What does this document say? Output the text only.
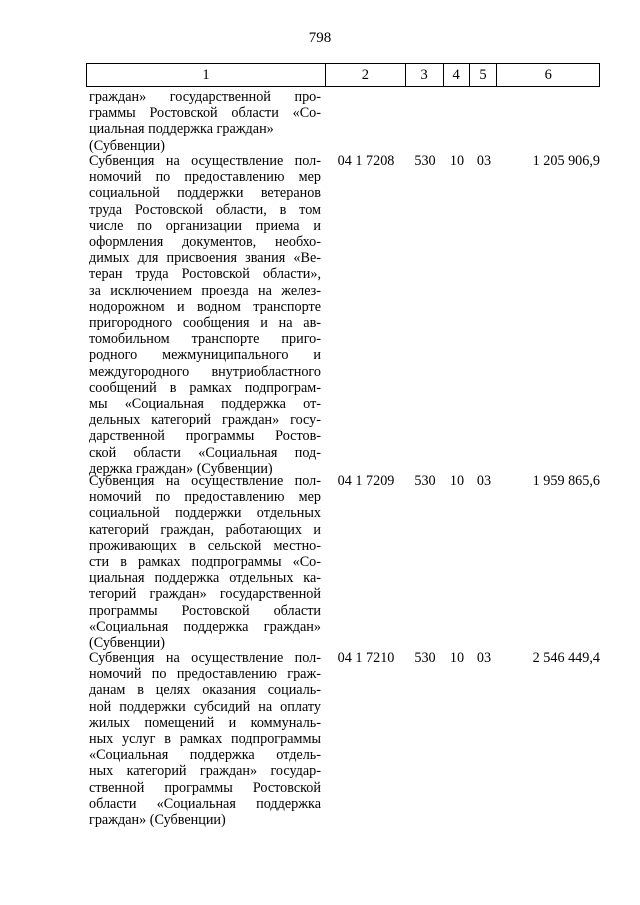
798
1	2	3	4	5	6
граждан» государственной про-
граммы Ростовской области «Со-
циальная поддержка граждан»
(Субвенции)
Субвенция на осуществление пол-
номочий по предоставлению мер
социальной поддержки ветеранов
труда Ростовской области, в том
числе по организации приема и
оформления документов, необхо-
димых для присвоения звания «Ве-
теран труда Ростовской области»,
за исключением проезда на желез-
нодорожном и водном транспорте
пригородного сообщения и на ав-
томобильном транспорте приго-
родного межмуниципального и
междугородного внутриобластного
сообщений в рамках подпрограм-
мы «Социальная поддержка от-
дельных категорий граждан» госу-
дарственной программы Ростов-
ской области «Социальная под-
держка граждан» (Субвенции)
04 1 7208	530	10 03	1 205 906,9
Субвенция на осуществление пол-
номочий по предоставлению мер
социальной поддержки отдельных
категорий граждан, работающих и
проживающих в сельской местно-
сти в рамках подпрограммы «Со-
циальная поддержка отдельных ка-
тегорий граждан» государственной
программы Ростовской области
«Социальная поддержка граждан»
(Субвенции)
04 1 7209	530	10 03	1 959 865,6
Субвенция на осуществление пол-
номочий по предоставлению граж-
данам в целях оказания социаль-
ной поддержки субсидий на оплату
жилых помещений и коммуналь-
ных услуг в рамках подпрограммы
«Социальная поддержка отдель-
ных категорий граждан» государ-
ственной программы Ростовской
области «Социальная поддержка
граждан» (Субвенции)
04 1 7210	530	10 03	2 546 449,4
